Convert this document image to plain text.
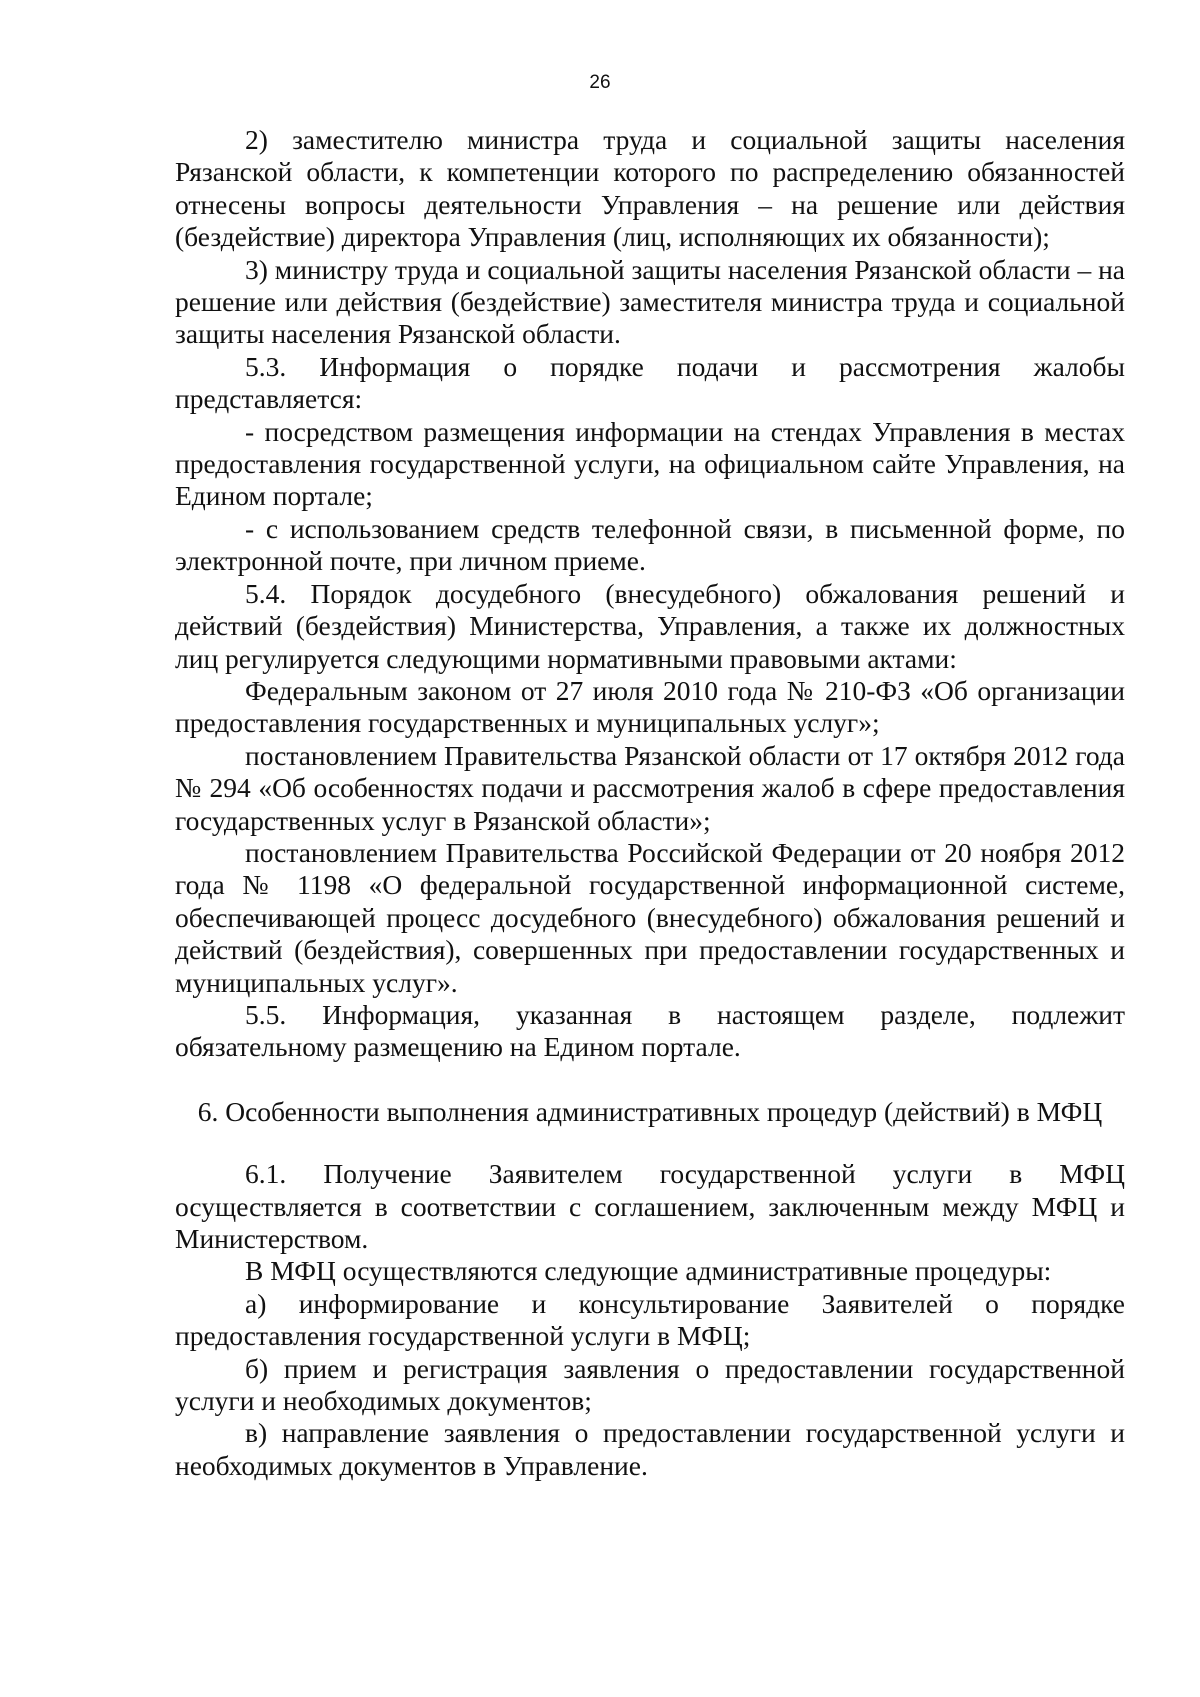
26

2) заместителю министра труда и социальной защиты населения Рязанской области, к компетенции которого по распределению обязанностей отнесены вопросы деятельности Управления – на решение или действия (бездействие) директора Управления (лиц, исполняющих их обязанности);

3) министру труда и социальной защиты населения Рязанской области – на решение или действия (бездействие) заместителя министра труда и социальной защиты населения Рязанской области.

5.3. Информация о порядке подачи и рассмотрения жалобы представляется:

- посредством размещения информации на стендах Управления в местах предоставления государственной услуги, на официальном сайте Управления, на Едином портале;

- с использованием средств телефонной связи, в письменной форме, по электронной почте, при личном приеме.

5.4. Порядок досудебного (внесудебного) обжалования решений и действий (бездействия) Министерства, Управления, а также их должностных лиц регулируется следующими нормативными правовыми актами:

Федеральным законом от 27 июля 2010 года № 210-ФЗ «Об организации предоставления государственных и муниципальных услуг»;

постановлением Правительства Рязанской области от 17 октября 2012 года № 294 «Об особенностях подачи и рассмотрения жалоб в сфере предоставления государственных услуг в Рязанской области»;

постановлением Правительства Российской Федерации от 20 ноября 2012 года № 1198 «О федеральной государственной информационной системе, обеспечивающей процесс досудебного (внесудебного) обжалования решений и действий (бездействия), совершенных при предоставлении государственных и муниципальных услуг».

5.5. Информация, указанная в настоящем разделе, подлежит обязательному размещению на Едином портале.

6. Особенности выполнения административных процедур (действий) в МФЦ

6.1. Получение Заявителем государственной услуги в МФЦ осуществляется в соответствии с соглашением, заключенным между МФЦ и Министерством.

В МФЦ осуществляются следующие административные процедуры:

а) информирование и консультирование Заявителей о порядке предоставления государственной услуги в МФЦ;

б) прием и регистрация заявления о предоставлении государственной услуги и необходимых документов;

в) направление заявления о предоставлении государственной услуги и необходимых документов в Управление.
